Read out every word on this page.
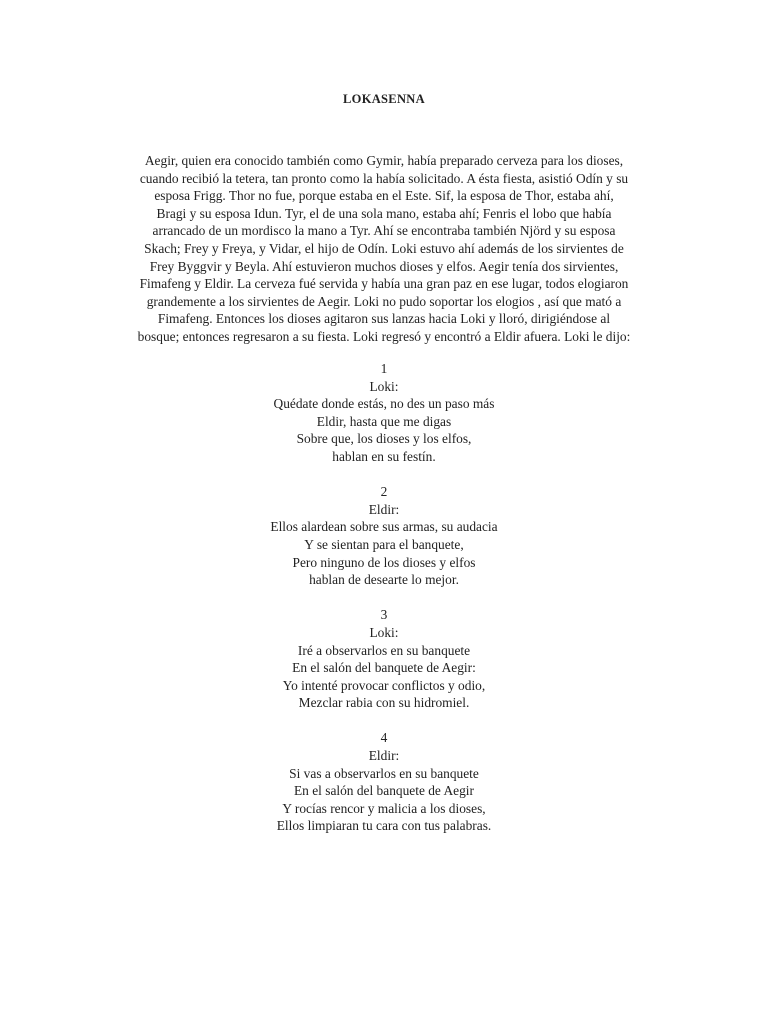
LOKASENNA
Aegir, quien era conocido también como Gymir, había preparado cerveza para los dioses,
cuando recibió la tetera, tan pronto como la había solicitado. A ésta fiesta, asistió Odín y su
esposa Frigg. Thor no fue, porque estaba en el Este. Sif, la esposa de Thor, estaba ahí,
Bragi y su esposa Idun. Tyr, el de una sola mano, estaba ahí; Fenris el lobo que había
arrancado de un mordisco la mano a Tyr. Ahí se encontraba también Njörd y su esposa
Skach; Frey y Freya, y Vidar, el hijo de Odín. Loki estuvo ahí además de los sirvientes de
Frey Byggvir y Beyla. Ahí estuvieron muchos dioses y elfos. Aegir tenía dos sirvientes,
Fimafeng y Eldir. La cerveza fué servida y había una gran paz en ese lugar, todos elogiaron
grandemente a los sirvientes de Aegir. Loki no pudo soportar los elogios , así que mató a
Fimafeng. Entonces los dioses agitaron sus lanzas hacia Loki y lloró, dirigiéndose al
bosque; entonces regresaron a su fiesta. Loki regresó y encontró a Eldir afuera. Loki le dijo:
1
Loki:
Quédate donde estás, no des un paso más
Eldir, hasta que me digas
Sobre que, los dioses y los elfos,
hablan en su festín.
2
Eldir:
Ellos alardean sobre sus armas, su audacia
Y se sientan para el banquete,
Pero ninguno de los dioses y elfos
hablan de desearte lo mejor.
3
Loki:
Iré a observarlos en su banquete
En el salón del banquete de Aegir:
Yo intenté provocar conflictos y odio,
Mezclar rabia con su hidromiel.
4
Eldir:
Si vas a observarlos en su banquete
En el salón del banquete de Aegir
Y rocías rencor y malicia a los dioses,
Ellos limpiaran tu cara con tus palabras.
